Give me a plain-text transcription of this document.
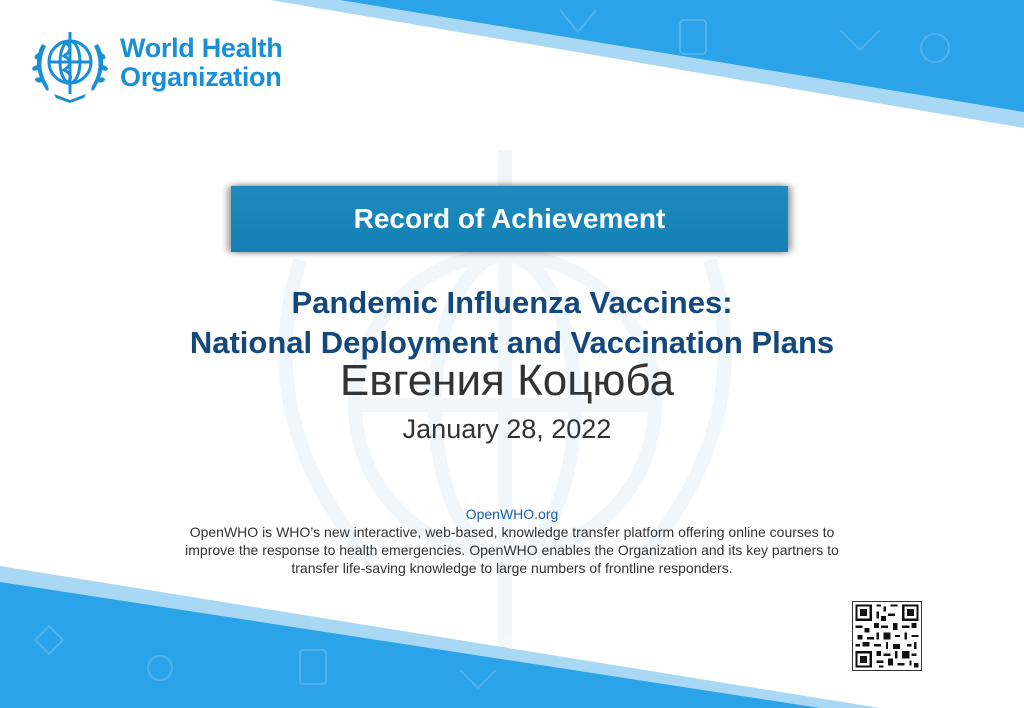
World Health
Organization
Record of Achievement
Pandemic Influenza Vaccines:
National Deployment and Vaccination Plans
Евгения Коцюба
January 28, 2022
OpenWHO.org
OpenWHO is WHO’s new interactive, web-based, knowledge transfer platform offering online courses to
improve the response to health emergencies. OpenWHO enables the Organization and its key partners to
transfer life-saving knowledge to large numbers of frontline responders.
